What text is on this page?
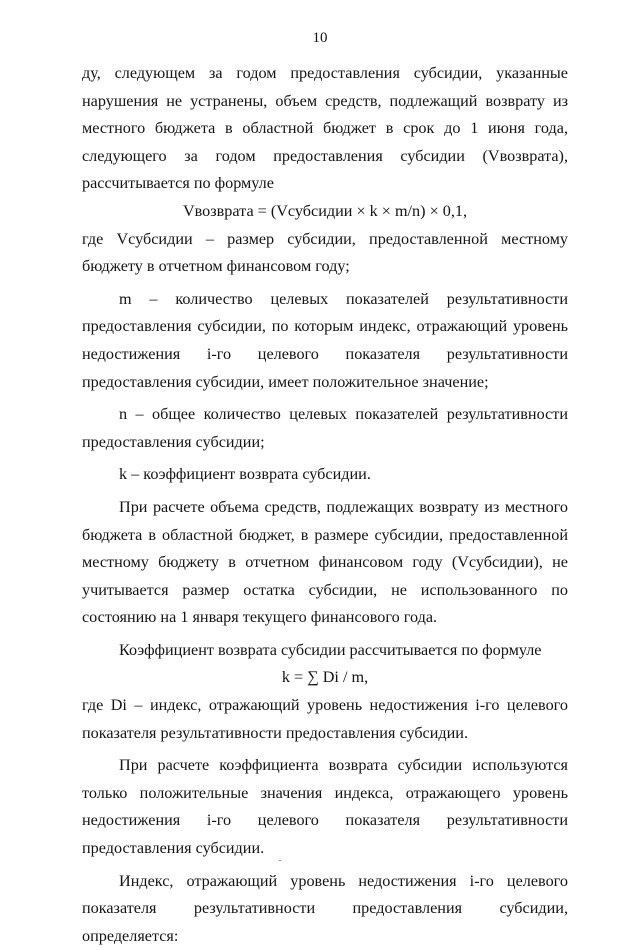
10

ду, следующем за годом предоставления субсидии, указанные нарушения не устранены, объем средств, подлежащий возврату из местного бюджета в областной бюджет в срок до 1 июня года, следующего за годом предоставления субсидии (Vвозврата), рассчитывается по формуле

Vвозврата = (Vсубсидии × k × m/n) × 0,1,

где Vсубсидии – размер субсидии, предоставленной местному бюджету в отчетном финансовом году;

m – количество целевых показателей результативности предоставления субсидии, по которым индекс, отражающий уровень недостижения i-го целевого показателя результативности предоставления субсидии, имеет положительное значение;

n – общее количество целевых показателей результативности предоставления субсидии;

k – коэффициент возврата субсидии.

При расчете объема средств, подлежащих возврату из местного бюджета в областной бюджет, в размере субсидии, предоставленной местному бюджету в отчетном финансовом году (Vсубсидии), не учитывается размер остатка субсидии, не использованного по состоянию на 1 января текущего финансового года.

Коэффициент возврата субсидии рассчитывается по формуле

k = ∑ Di / m,

где Di – индекс, отражающий уровень недостижения i-го целевого показателя результативности предоставления субсидии.

При расчете коэффициента возврата субсидии используются только положительные значения индекса, отражающего уровень недостижения i-го целевого показателя результативности предоставления субсидии.

Индекс, отражающий уровень недостижения i-го целевого показателя результативности предоставления субсидии, определяется:
